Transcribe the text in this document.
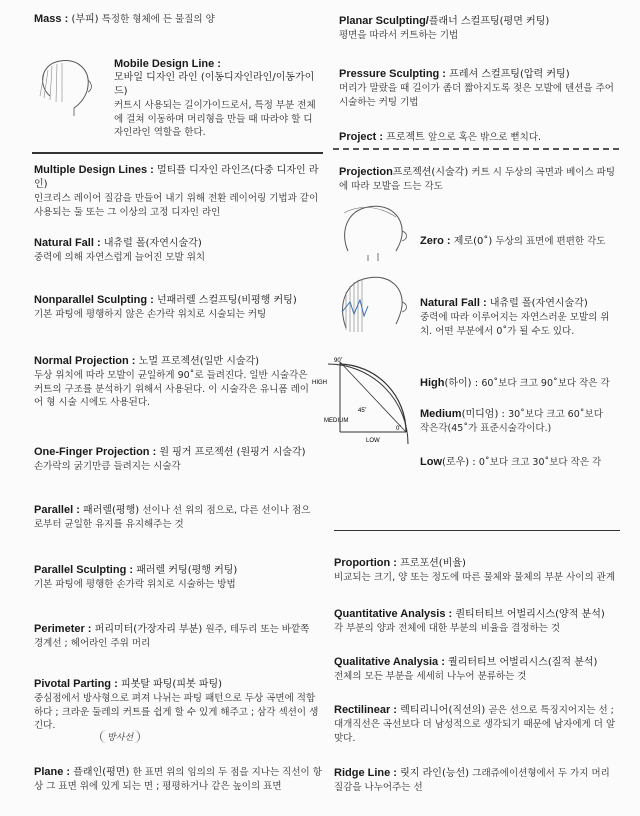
Mass : (부피) 특정한 형체에 든 물질의 양
Mobile Design Line :
모바일 디자인 라인 (이동디자인라인/이동가이드)
커트시 사용되는 길이가이드로서, 특정 부분 전체에 걸쳐 이동하며 머리형을 만들 때 따라야 할 디자인라인 역할을 한다.
Multiple Design Lines : 멀티플 디자인 라인즈(다중 디자인 라인)
인크리스 레이어 질감을 만들어 내기 위해 전환 레이어링 기법과 같이 사용되는 둘 또는 그 이상의 고정 디자인 라인
Natural Fall : 내츄럴 폴(자연시술각)
중력에 의해 자연스럽게 늘어진 모발 위치
Nonparallel Sculpting : 넌패러렐 스컬프팅(비평행 커팅)
기본 파팅에 평행하지 않은 손가락 위치로 시술되는 커팅
Normal Projection : 노멀 프로젝션(일반 시술각)
두상 위치에 따라 모발이 균일하게 90˚로 들려진다. 일반 시술각은 커트의 구조를 분석하기 위해서 사용된다. 이 시술각은 유니폼 레이어 형 시술 시에도 사용된다.
One-Finger Projection : 원 핑거 프로젝션 (원핑거 시술각)
손가락의 굵기만큼 들려지는 시술각
Parallel : 패러렐(평행) 선이나 선 위의 점으로, 다른 선이나 점으로부터 균일한 유지를 유지해주는 것
Parallel Sculpting : 패러렐 커팅(평행 커팅)
기본 파팅에 평행한 손가락 위치로 시술하는 방법
Perimeter : 퍼리미터(가장자리 부분) 원주, 테두리 또는 바깥쪽 경계선 ; 헤어라인 주위 머리
Pivotal Parting : 피봇탈 파팅(피봇 파팅)
중심점에서 방사형으로 펴져 나뉘는 파팅 패턴으로 두상 곡면에 적합하다 ; 크라운 둘레의 커트를 쉽게 할 수 있게 해주고 ; 삼각 섹션이 생긴다.
방사선
Plane : 플래인(평면) 한 표면 위의 임의의 두 점을 지나는 직선이 항상 그 표면 위에 있게 되는 면 ; 평평하거나 같은 높이의 표면
Planar Sculpting/플래너 스컬프팅(평면 커팅)
평면을 따라서 커트하는 기법
Pressure Sculpting : 프레셔 스컬프팅(압력 커팅)
머리가 말랐을 때 길이가 좀더 짧아지도록 젖은 모발에 텐션을 주어 시술하는 커팅 기법
Project : 프로젝트 앞으로 혹은 밖으로 뻗치다.
Projection프로젝션(시술각) 커트 시 두상의 곡면과 베이스 파팅에 따라 모발을 드는 각도
Zero : 제로(0˚) 두상의 표면에 편편한 각도
Natural Fall : 내츄럴 폴(자연시술각)
중력에 따라 이루어지는 자연스러운 모발의 위치. 어떤 부분에서 0˚가 될 수도 있다.
90˚
45˚
0˚
HIGH
MEDIUM
LOW
High(하이) : 60˚보다 크고 90˚보다 작은 각
Medium(미디엄) : 30˚보다 크고 60˚보다 작은각(45˚가 표준시술각이다.)
Low(로우) : 0˚보다 크고 30˚보다 작은 각
Proportion : 프로포션(비율)
비교되는 크기, 양 또는 정도에 따른 물체와 물체의 부분 사이의 관계
Quantitative Analysis : 퀀티터티브 어벌리시스(양적 분석)
각 부분의 양과 전체에 대한 부분의 비율을 결정하는 것
Qualitative Analysia : 퀄리터티브 어벌리시스(질적 분석)
전체의 모든 부분을 세세히 나누어 분류하는 것
Rectilinear : 렉티리니어(직선의) 곧은 선으로 특징지어지는 선 ; 대개직선은 곡선보다 더 남성적으로 생각되기 때문에 남자에게 더 알맞다.
Ridge Line : 릿지 라인(능선) 그래쥬에이션형에서 두 가지 머리 질감을 나누어주는 선
